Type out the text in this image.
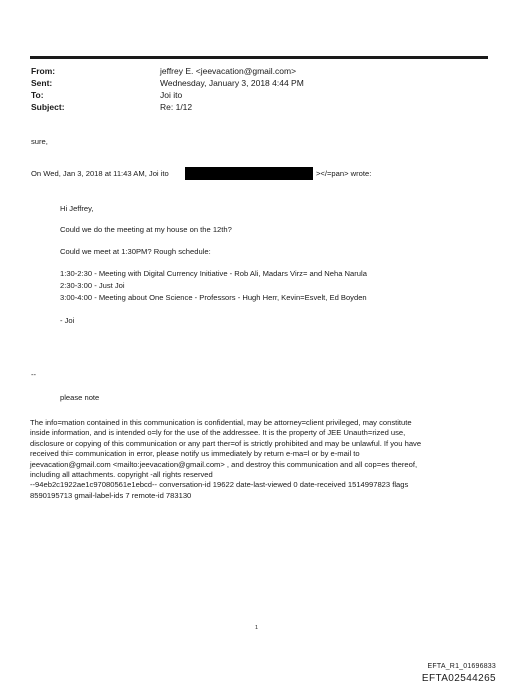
From:	jeffrey E. <jeevacation@gmail.com>
Sent:	Wednesday, January 3, 2018 4:44 PM
To:	Joi ito
Subject:	Re: 1/12
sure,
On Wed, Jan 3, 2018 at 11:43 AM, Joi ito	></=pan> wrote:
Hi Jeffrey,
Could we do the meeting at my house on the 12th?
Could we meet at 1:30PM? Rough schedule:
1:30-2:30 - Meeting with Digital Currency Initiative - Rob Ali, Madars Virz= and Neha Narula
2:30-3:00 - Just Joi
3:00-4:00 - Meeting about One Science - Professors - Hugh Herr, Kevin=Esvelt, Ed Boyden
- Joi
--
please note
The info=mation contained in this communication is confidential, may be attorney=client privileged, may constitute
inside information, and is intended o=ly for the use of the addressee. It is the property of JEE Unauth=rized use,
disclosure or copying of this communication or any part ther=of is strictly prohibited and may be unlawful. If you have
received thi= communication in error, please notify us immediately by return e-ma=l or by e-mail to
jeevacation@gmail.com <mailto:jeevacation@gmail.com> , and destroy this communication and all cop=es thereof,
including all attachments. copyright -all rights reserved
--94eb2c1922ae1c97080561e1ebcd-- conversation-id 19622 date-last-viewed 0 date-received 1514997823 flags
8590195713 gmail-label-ids 7 remote-id 783130
1
EFTA_R1_01696833
EFTA02544265
